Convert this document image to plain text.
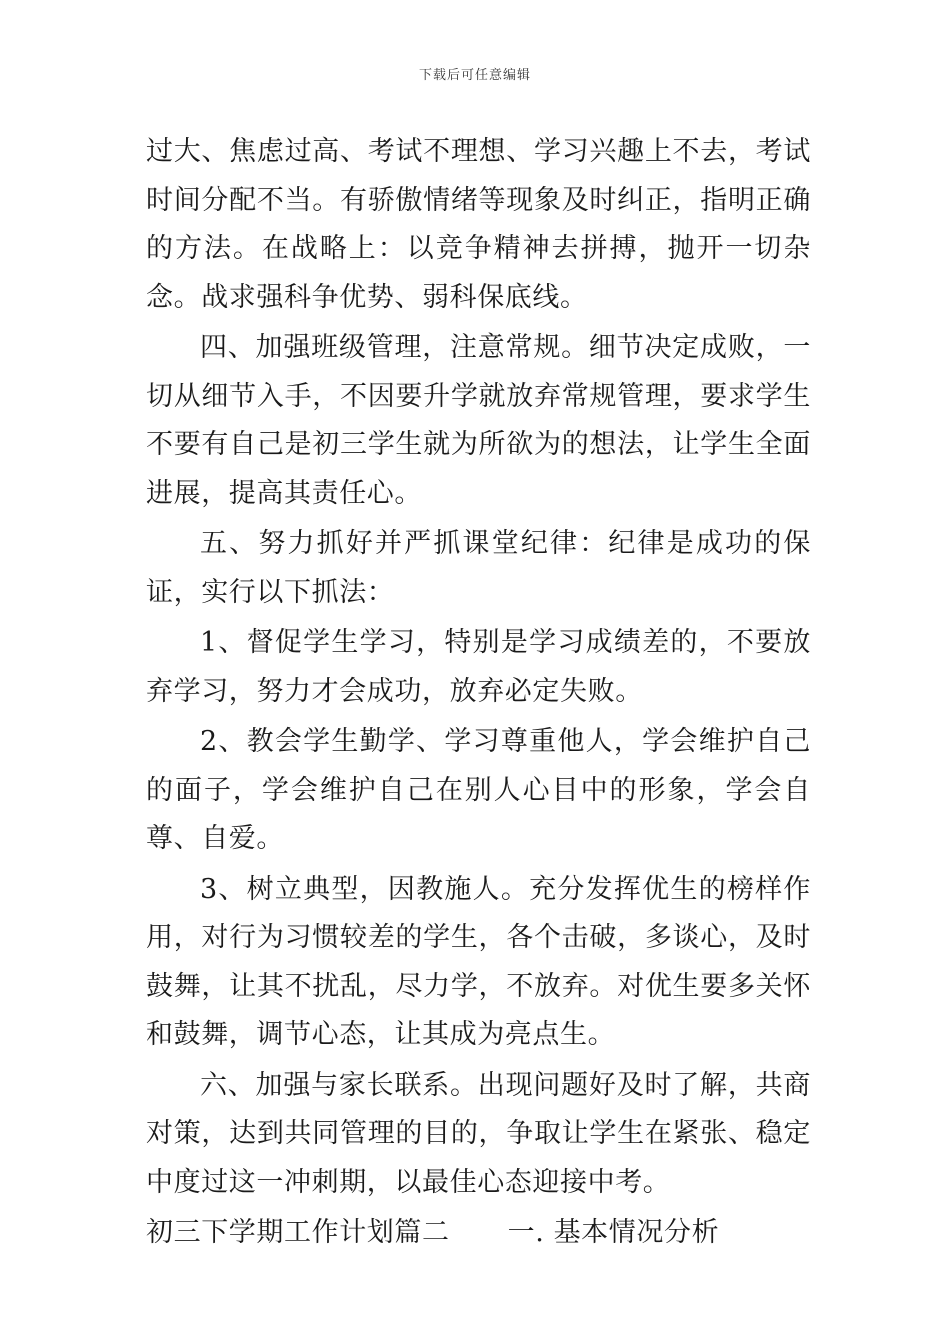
下载后可任意编辑

过大、焦虑过高、考试不理想、学习兴趣上不去，考试时间分配不当。有骄傲情绪等现象及时纠正，指明正确的方法。在战略上：以竞争精神去拼搏，抛开一切杂念。战求强科争优势、弱科保底线。

四、加强班级管理，注意常规。细节决定成败，一切从细节入手，不因要升学就放弃常规管理，要求学生不要有自己是初三学生就为所欲为的想法，让学生全面进展，提高其责任心。

五、努力抓好并严抓课堂纪律：纪律是成功的保证，实行以下抓法：

1、督促学生学习，特别是学习成绩差的，不要放弃学习，努力才会成功，放弃必定失败。

2、教会学生勤学、学习尊重他人，学会维护自己的面子，学会维护自己在别人心目中的形象，学会自尊、自爱。

3、树立典型，因教施人。充分发挥优生的榜样作用，对行为习惯较差的学生，各个击破，多谈心，及时鼓舞，让其不扰乱，尽力学，不放弃。对优生要多关怀和鼓舞，调节心态，让其成为亮点生。

六、加强与家长联系。出现问题好及时了解，共商对策，达到共同管理的目的，争取让学生在紧张、稳定中度过这一冲刺期，以最佳心态迎接中考。

初三下学期工作计划篇二 一. 基本情况分析
